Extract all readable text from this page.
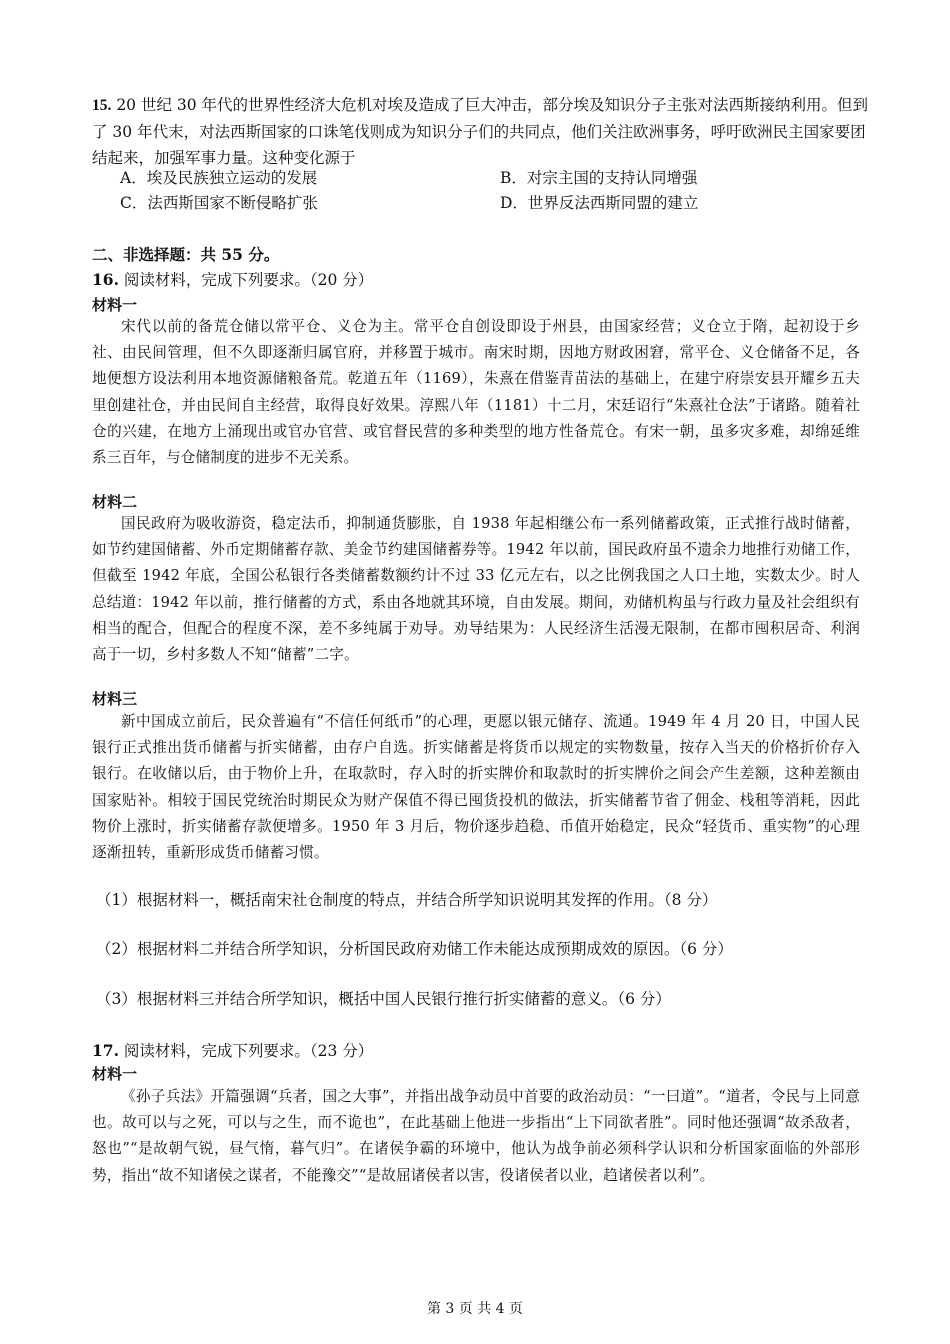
15. 20 世纪 30 年代的世界性经济大危机对埃及造成了巨大冲击，部分埃及知识分子主张对法西斯接纳利用。但到了 30 年代末，对法西斯国家的口诛笔伐则成为知识分子们的共同点，他们关注欧洲事务，呼吁欧洲民主国家要团结起来，加强军事力量。这种变化源于
A．埃及民族独立运动的发展	B．对宗主国的支持认同增强
C．法西斯国家不断侵略扩张	D．世界反法西斯同盟的建立
二、非选择题：共 55 分。
16. 阅读材料，完成下列要求。（20 分）
材料一
宋代以前的备荒仓储以常平仓、义仓为主。常平仓自创设即设于州县，由国家经营；义仓立于隋，起初设于乡社、由民间管理，但不久即逐渐归属官府，并移置于城市。南宋时期，因地方财政困窘，常平仓、义仓储备不足，各地便想方设法利用本地资源储粮备荒。乾道五年（1169），朱熹在借鉴青苗法的基础上，在建宁府崇安县开耀乡五夫里创建社仓，并由民间自主经营，取得良好效果。淳熙八年（1181）十二月，宋廷诏行“朱熹社仓法”于诸路。随着社仓的兴建，在地方上涌现出或官办官营、或官督民营的多种类型的地方性备荒仓。有宋一朝，虽多灾多难，却绵延维系三百年，与仓储制度的进步不无关系。
材料二
国民政府为吸收游资，稳定法币，抑制通货膨胀，自 1938 年起相继公布一系列储蓄政策，正式推行战时储蓄，如节约建国储蓄、外币定期储蓄存款、美金节约建国储蓄券等。1942 年以前，国民政府虽不遗余力地推行劝储工作，但截至 1942 年底，全国公私银行各类储蓄数额约计不过 33 亿元左右，以之比例我国之人口土地，实数太少。时人总结道：1942 年以前，推行储蓄的方式，系由各地就其环境，自由发展。期间，劝储机构虽与行政力量及社会组织有相当的配合，但配合的程度不深，差不多纯属于劝导。劝导结果为：人民经济生活漫无限制，在都市囤积居奇、利润高于一切，乡村多数人不知“储蓄”二字。
材料三
新中国成立前后，民众普遍有“不信任何纸币”的心理，更愿以银元储存、流通。1949 年 4 月 20 日，中国人民银行正式推出货币储蓄与折实储蓄，由存户自选。折实储蓄是将货币以规定的实物数量，按存入当天的价格折价存入银行。在收储以后，由于物价上升，在取款时，存入时的折实牌价和取款时的折实牌价之间会产生差额，这种差额由国家贴补。相较于国民党统治时期民众为财产保值不得已囤货投机的做法，折实储蓄节省了佣金、栈租等消耗，因此物价上涨时，折实储蓄存款便增多。1950 年 3 月后，物价逐步趋稳、币值开始稳定，民众“轻货币、重实物”的心理逐渐扭转，重新形成货币储蓄习惯。
（1）根据材料一，概括南宋社仓制度的特点，并结合所学知识说明其发挥的作用。（8 分）
（2）根据材料二并结合所学知识，分析国民政府劝储工作未能达成预期成效的原因。（6 分）
（3）根据材料三并结合所学知识，概括中国人民银行推行折实储蓄的意义。（6 分）
17. 阅读材料，完成下列要求。（23 分）
材料一
《孙子兵法》开篇强调“兵者，国之大事”，并指出战争动员中首要的政治动员：“一曰道”。“道者，令民与上同意也。故可以与之死，可以与之生，而不诡也”，在此基础上他进一步指出“上下同欲者胜”。同时他还强调“故杀敌者，怒也”“是故朝气锐，昼气惰，暮气归”。在诸侯争霸的环境中，他认为战争前必须科学认识和分析国家面临的外部形势，指出“故不知诸侯之谋者，不能豫交”“是故屈诸侯者以害，役诸侯者以业，趋诸侯者以利”。
第 3 页 共 4 页
